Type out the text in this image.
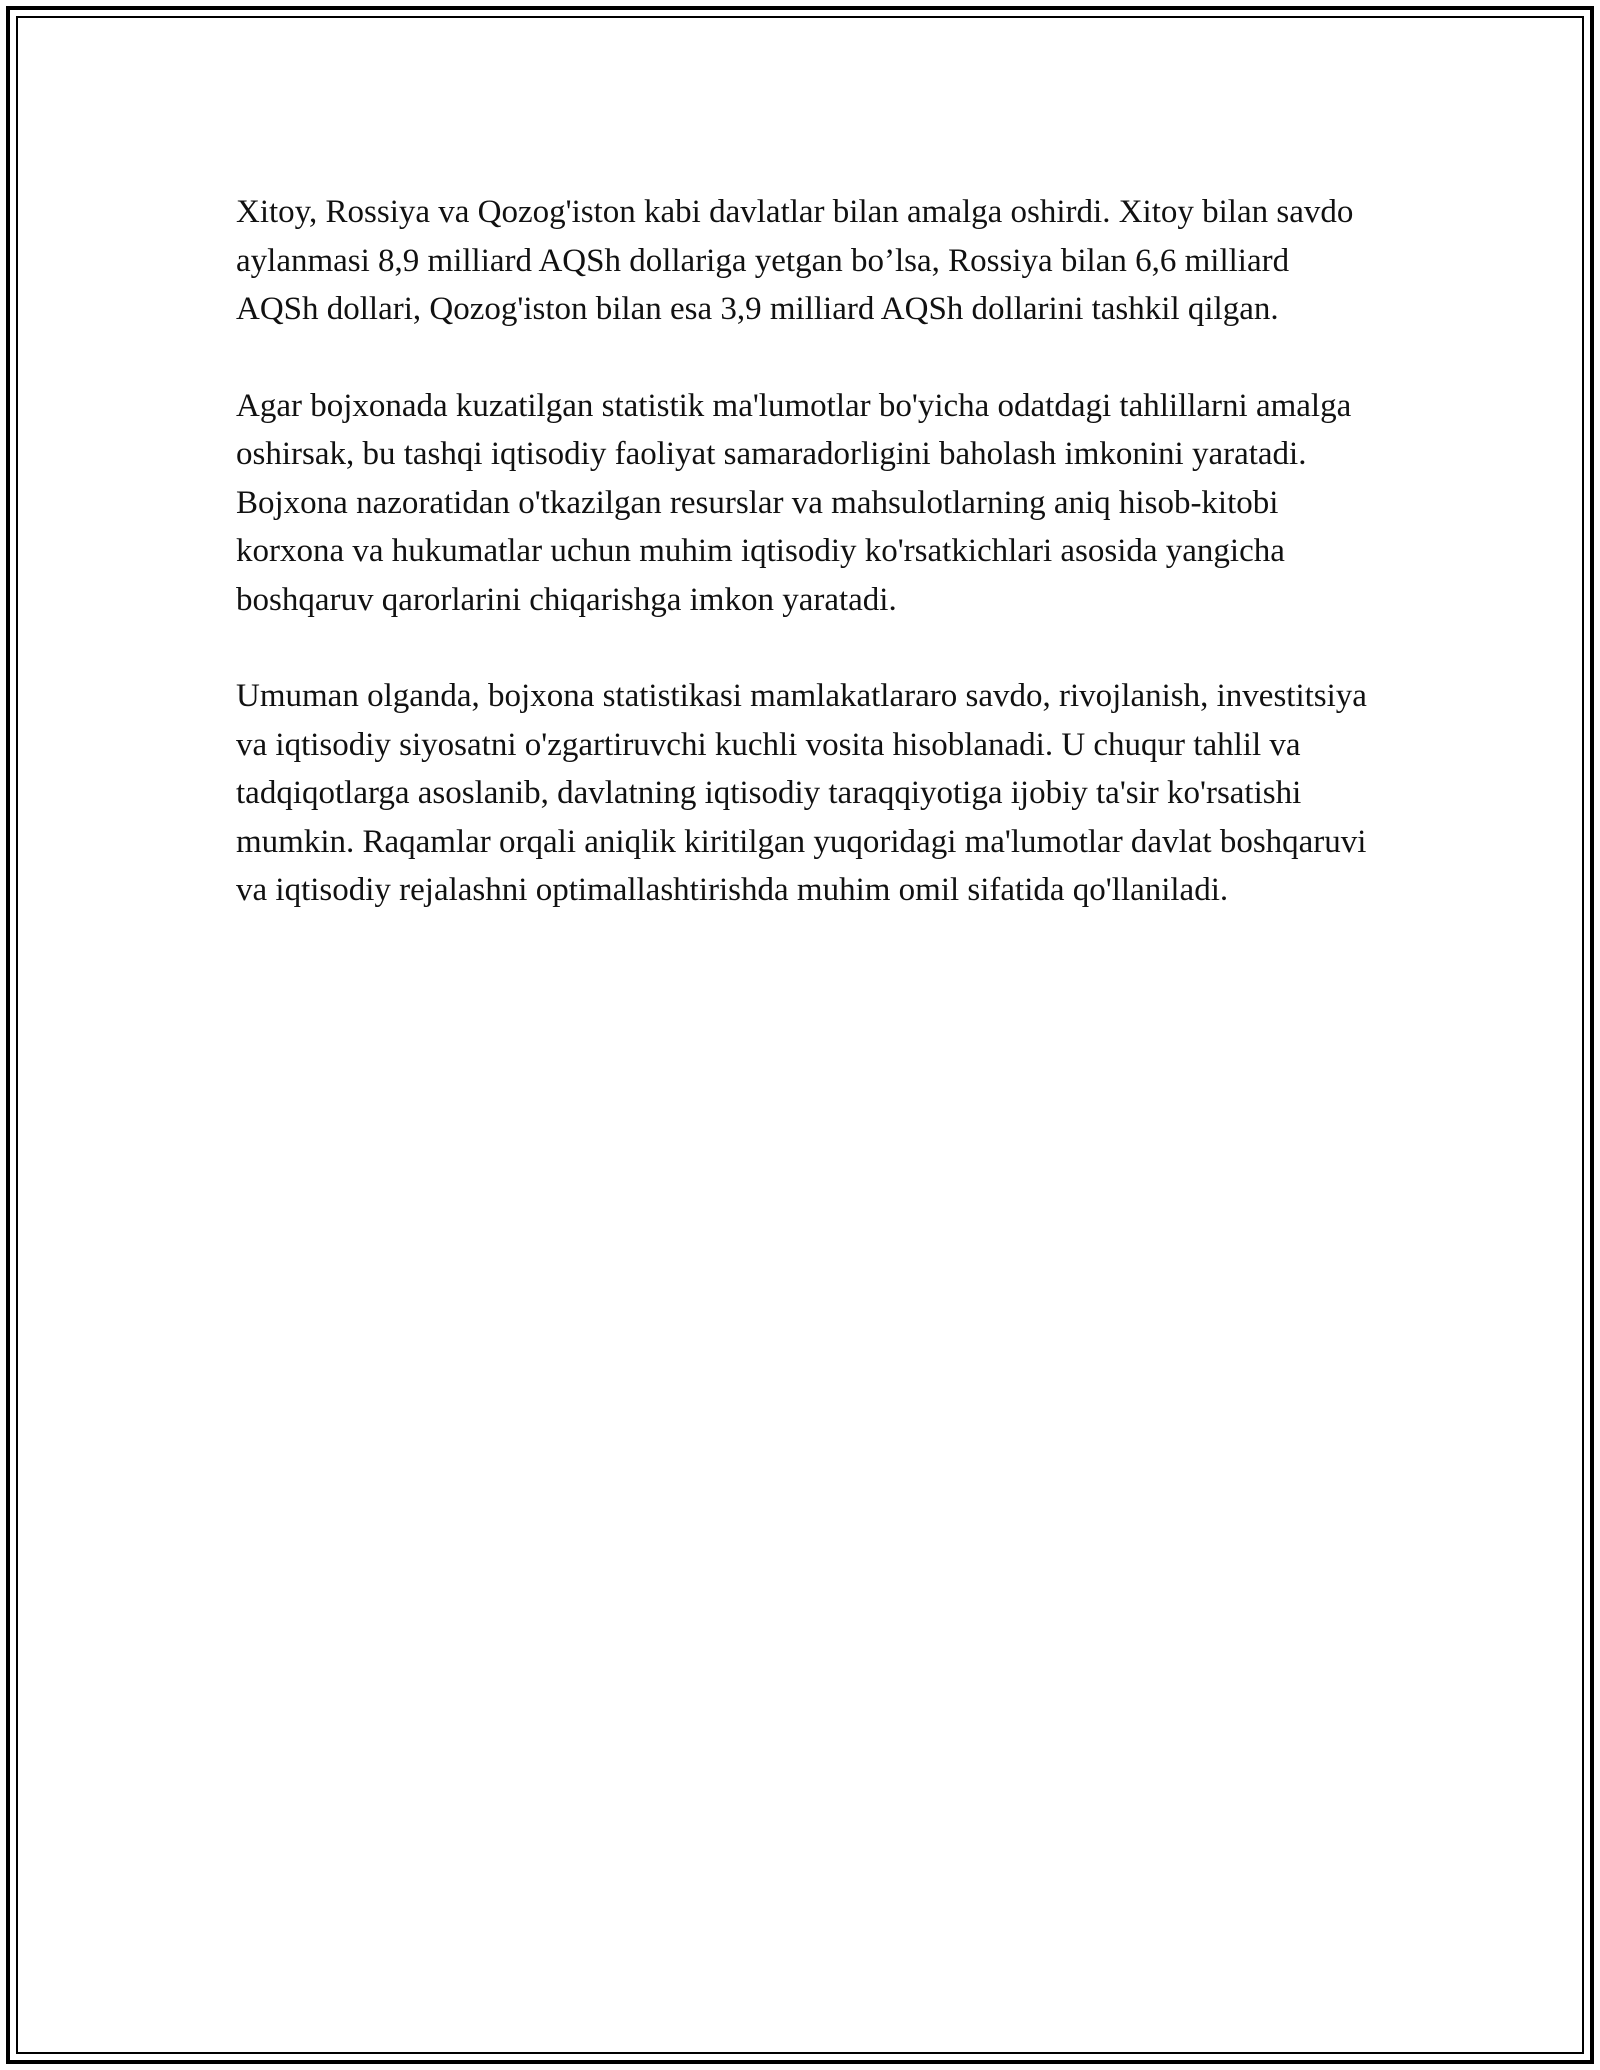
Xitoy, Rossiya va Qozog'iston kabi davlatlar bilan amalga oshirdi. Xitoy bilan savdo aylanmasi 8,9 milliard AQSh dollariga yetgan bo’lsa, Rossiya bilan 6,6 milliard AQSh dollari, Qozog'iston bilan esa 3,9 milliard AQSh dollarini tashkil qilgan.

Agar bojxonada kuzatilgan statistik ma'lumotlar bo'yicha odatdagi tahlillarni amalga oshirsak, bu tashqi iqtisodiy faoliyat samaradorligini baholash imkonini yaratadi. Bojxona nazoratidan o'tkazilgan resurslar va mahsulotlarning aniq hisob-kitobi korxona va hukumatlar uchun muhim iqtisodiy ko'rsatkichlari asosida yangicha boshqaruv qarorlarini chiqarishga imkon yaratadi.

Umuman olganda, bojxona statistikasi mamlakatlararo savdo, rivojlanish, investitsiya va iqtisodiy siyosatni o'zgartiruvchi kuchli vosita hisoblanadi. U chuqur tahlil va tadqiqotlarga asoslanib, davlatning iqtisodiy taraqqiyotiga ijobiy ta'sir ko'rsatishi mumkin. Raqamlar orqali aniqlik kiritilgan yuqoridagi ma'lumotlar davlat boshqaruvi va iqtisodiy rejalashni optimallashtirishda muhim omil sifatida qo'llaniladi.
